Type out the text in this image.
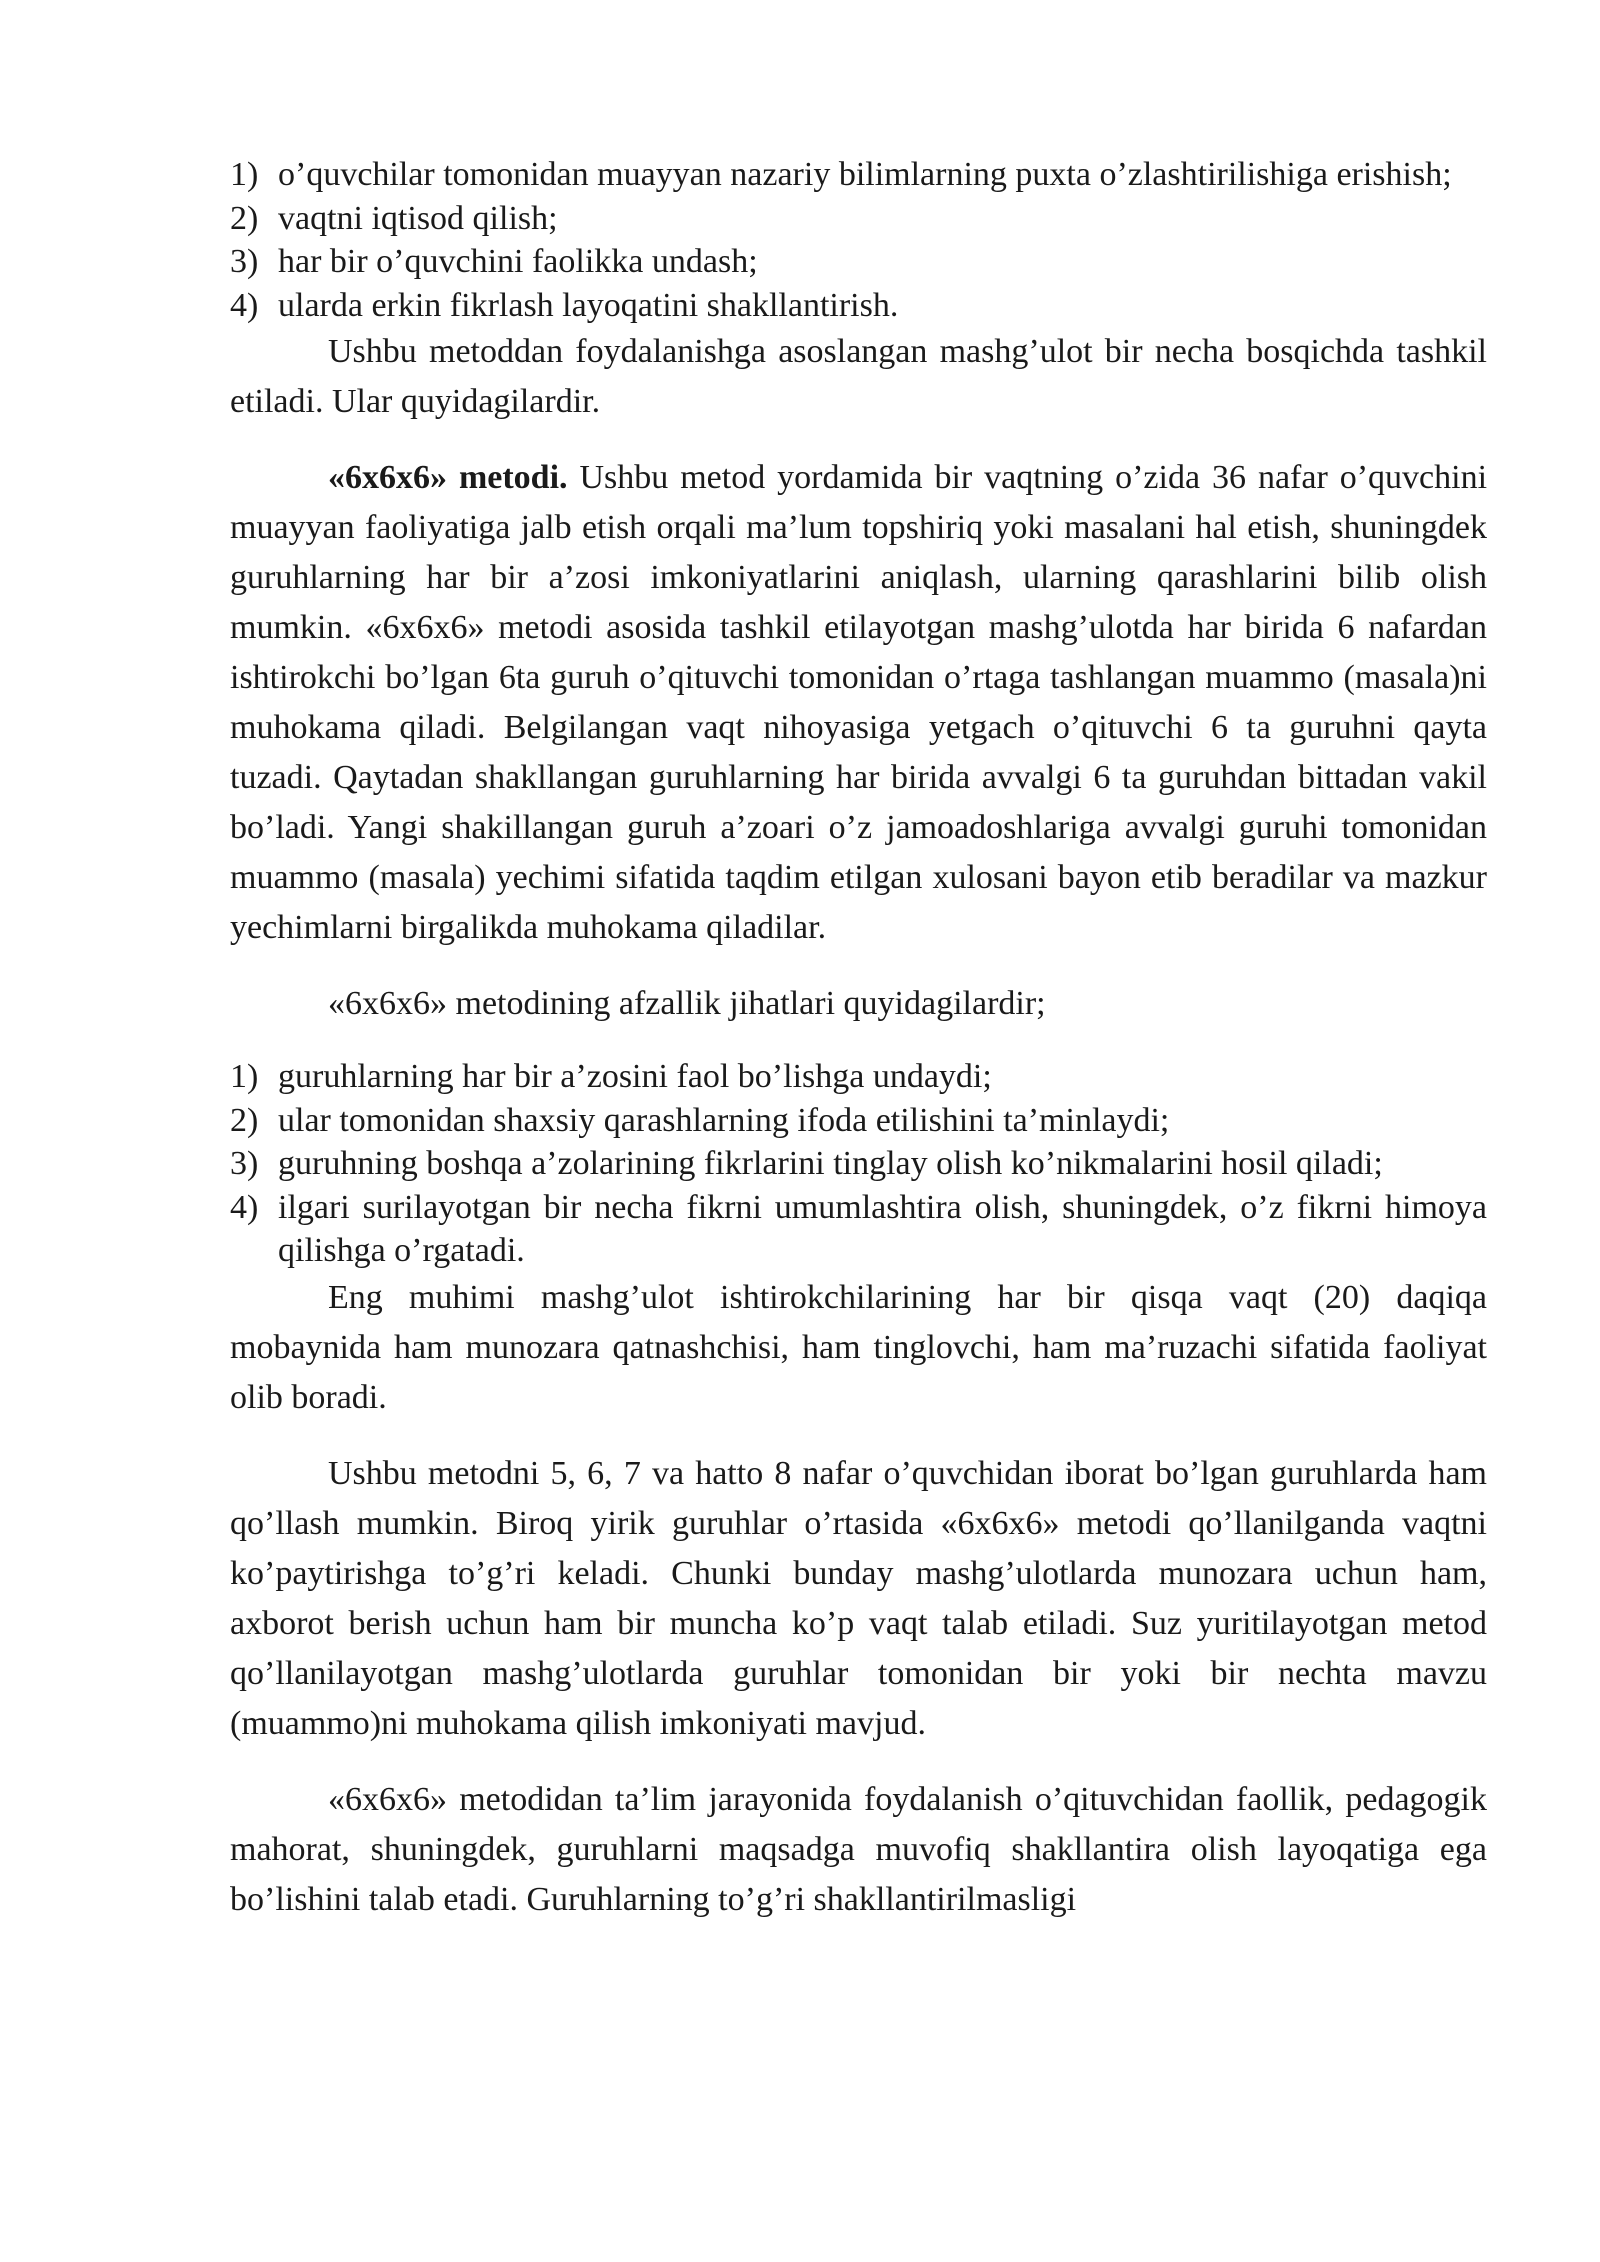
1) o’quvchilar tomonidan muayyan nazariy bilimlarning puxta o’zlashtirilishiga erishish;
2) vaqtni iqtisod qilish;
3) har bir o’quvchini faolikka undash;
4) ularda erkin fikrlash layoqatini shakllantirish.

Ushbu metoddan foydalanishga asoslangan mashg’ulot bir necha bosqichda tashkil etiladi. Ular quyidagilardir.

«6x6x6» metodi. Ushbu metod yordamida bir vaqtning o’zida 36 nafar o’quvchini muayyan faoliyatiga jalb etish orqali ma’lum topshiriq yoki masalani hal etish, shuningdek guruhlarning har bir a’zosi imkoniyatlarini aniqlash, ularning qarashlarini bilib olish mumkin. «6x6x6» metodi asosida tashkil etilayotgan mashg’ulotda har birida 6 nafardan ishtirokchi bo’lgan 6ta guruh o’qituvchi tomonidan o’rtaga tashlangan muammo (masala)ni muhokama qiladi. Belgilangan vaqt nihoyasiga yetgach o’qituvchi 6 ta guruhni qayta tuzadi. Qaytadan shakllangan guruhlarning har birida avvalgi 6 ta guruhdan bittadan vakil bo’ladi. Yangi shakillangan guruh a’zoari o’z jamoadoshlariga avvalgi guruhi tomonidan muammo (masala) yechimi sifatida taqdim etilgan xulosani bayon etib beradilar va mazkur yechimlarni birgalikda muhokama qiladilar.

«6x6x6» metodining afzallik jihatlari quyidagilardir;

1) guruhlarning har bir a’zosini faol bo’lishga undaydi;
2) ular tomonidan shaxsiy qarashlarning ifoda etilishini ta’minlaydi;
3) guruhning boshqa a’zolarining fikrlarini tinglay olish ko’nikmalarini hosil qiladi;
4) ilgari surilayotgan bir necha fikrni umumlashtira olish, shuningdek, o’z fikrni himoya qilishga o’rgatadi.

Eng muhimi mashg’ulot ishtirokchilarining har bir qisqa vaqt (20) daqiqa mobaynida ham munozara qatnashchisi, ham tinglovchi, ham ma’ruzachi sifatida faoliyat olib boradi.

Ushbu metodni 5, 6, 7 va hatto 8 nafar o’quvchidan iborat bo’lgan guruhlarda ham qo’llash mumkin. Biroq yirik guruhlar o’rtasida «6x6x6» metodi qo’llanilganda vaqtni ko’paytirishga to’g’ri keladi. Chunki bunday mashg’ulotlarda munozara uchun ham, axborot berish uchun ham bir muncha ko’p vaqt talab etiladi. Suz yuritilayotgan metod qo’llanilayotgan mashg’ulotlarda guruhlar tomonidan bir yoki bir nechta mavzu (muammo)ni muhokama qilish imkoniyati mavjud.

«6x6x6» metodidan ta’lim jarayonida foydalanish o’qituvchidan faollik, pedagogik mahorat, shuningdek, guruhlarni maqsadga muvofiq shakllantira olish layoqatiga ega bo’lishini talab etadi. Guruhlarning to’g’ri shakllantirilmasligi
